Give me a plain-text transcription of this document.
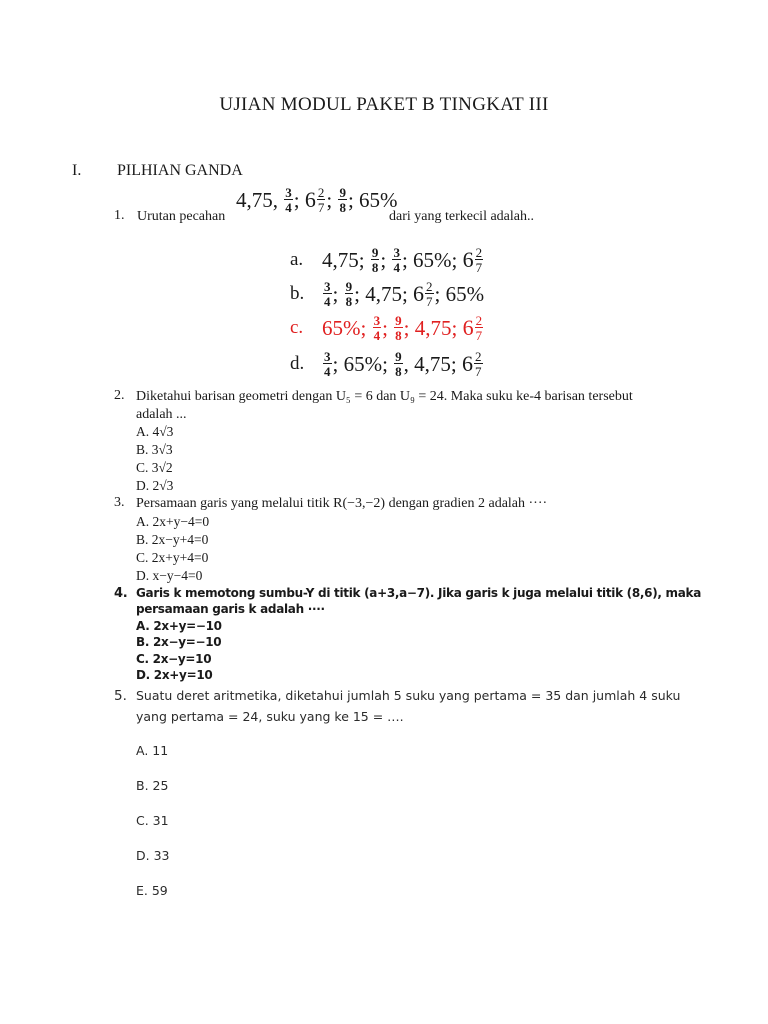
UJIAN MODUL PAKET B TINGKAT III
I. PILHIAN GANDA
1. Urutan pecahan
4,75 , $\frac{3}{4}$ ; $6 \frac{2}{7}$ ; $\frac{9}{8}$ ; 65%
dari yang terkecil adalah..
a. 4,75;
$\frac{9}{8}$ ; $\frac{3}{4}$ ; 65%;
$6 \frac{2}{7}$
b.	$\frac{3}{4}$ ; $\frac{9}{8}$ ; 4,75;
$6 \frac{2}{7}$ ; 65%
c. 65%;
$\frac{3}{4}$ ; $\frac{9}{8}$ ; 4,75;
$6 \frac{2}{7}$
d.	$\frac{3}{4}$ ; 65%;
$\frac{9}{8}$ , 4,75;
$6 \frac{2}{7}$
2. Diketahui barisan geometri dengan U₅ = 6 dan U₉ = 24. Maka suku ke-4 barisan tersebut
adalah ...
A. 4√3
B. 3√3
C. 3√2
D. 2√3
3. Persamaan garis yang melalui titik R(−3,−2) dengan gradien 2 adalah ····
A. 2x+y−4=0
B. 2x−y+4=0
C. 2x+y+4=0
D. x−y−4=0
4. Garis k memotong sumbu-Y di titik (a+3,a−7). Jika garis k juga melalui titik (8,6), maka
persamaan garis k adalah ····
A. 2x+y=−10
B. 2x−y=−10
C. 2x−y=10
D. 2x+y=10
5. Suatu deret aritmetika, diketahui jumlah 5 suku yang pertama = 35 dan jumlah 4 suku
yang pertama = 24, suku yang ke 15 = ….
A. 11
B. 25
C. 31
D. 33
E. 59
